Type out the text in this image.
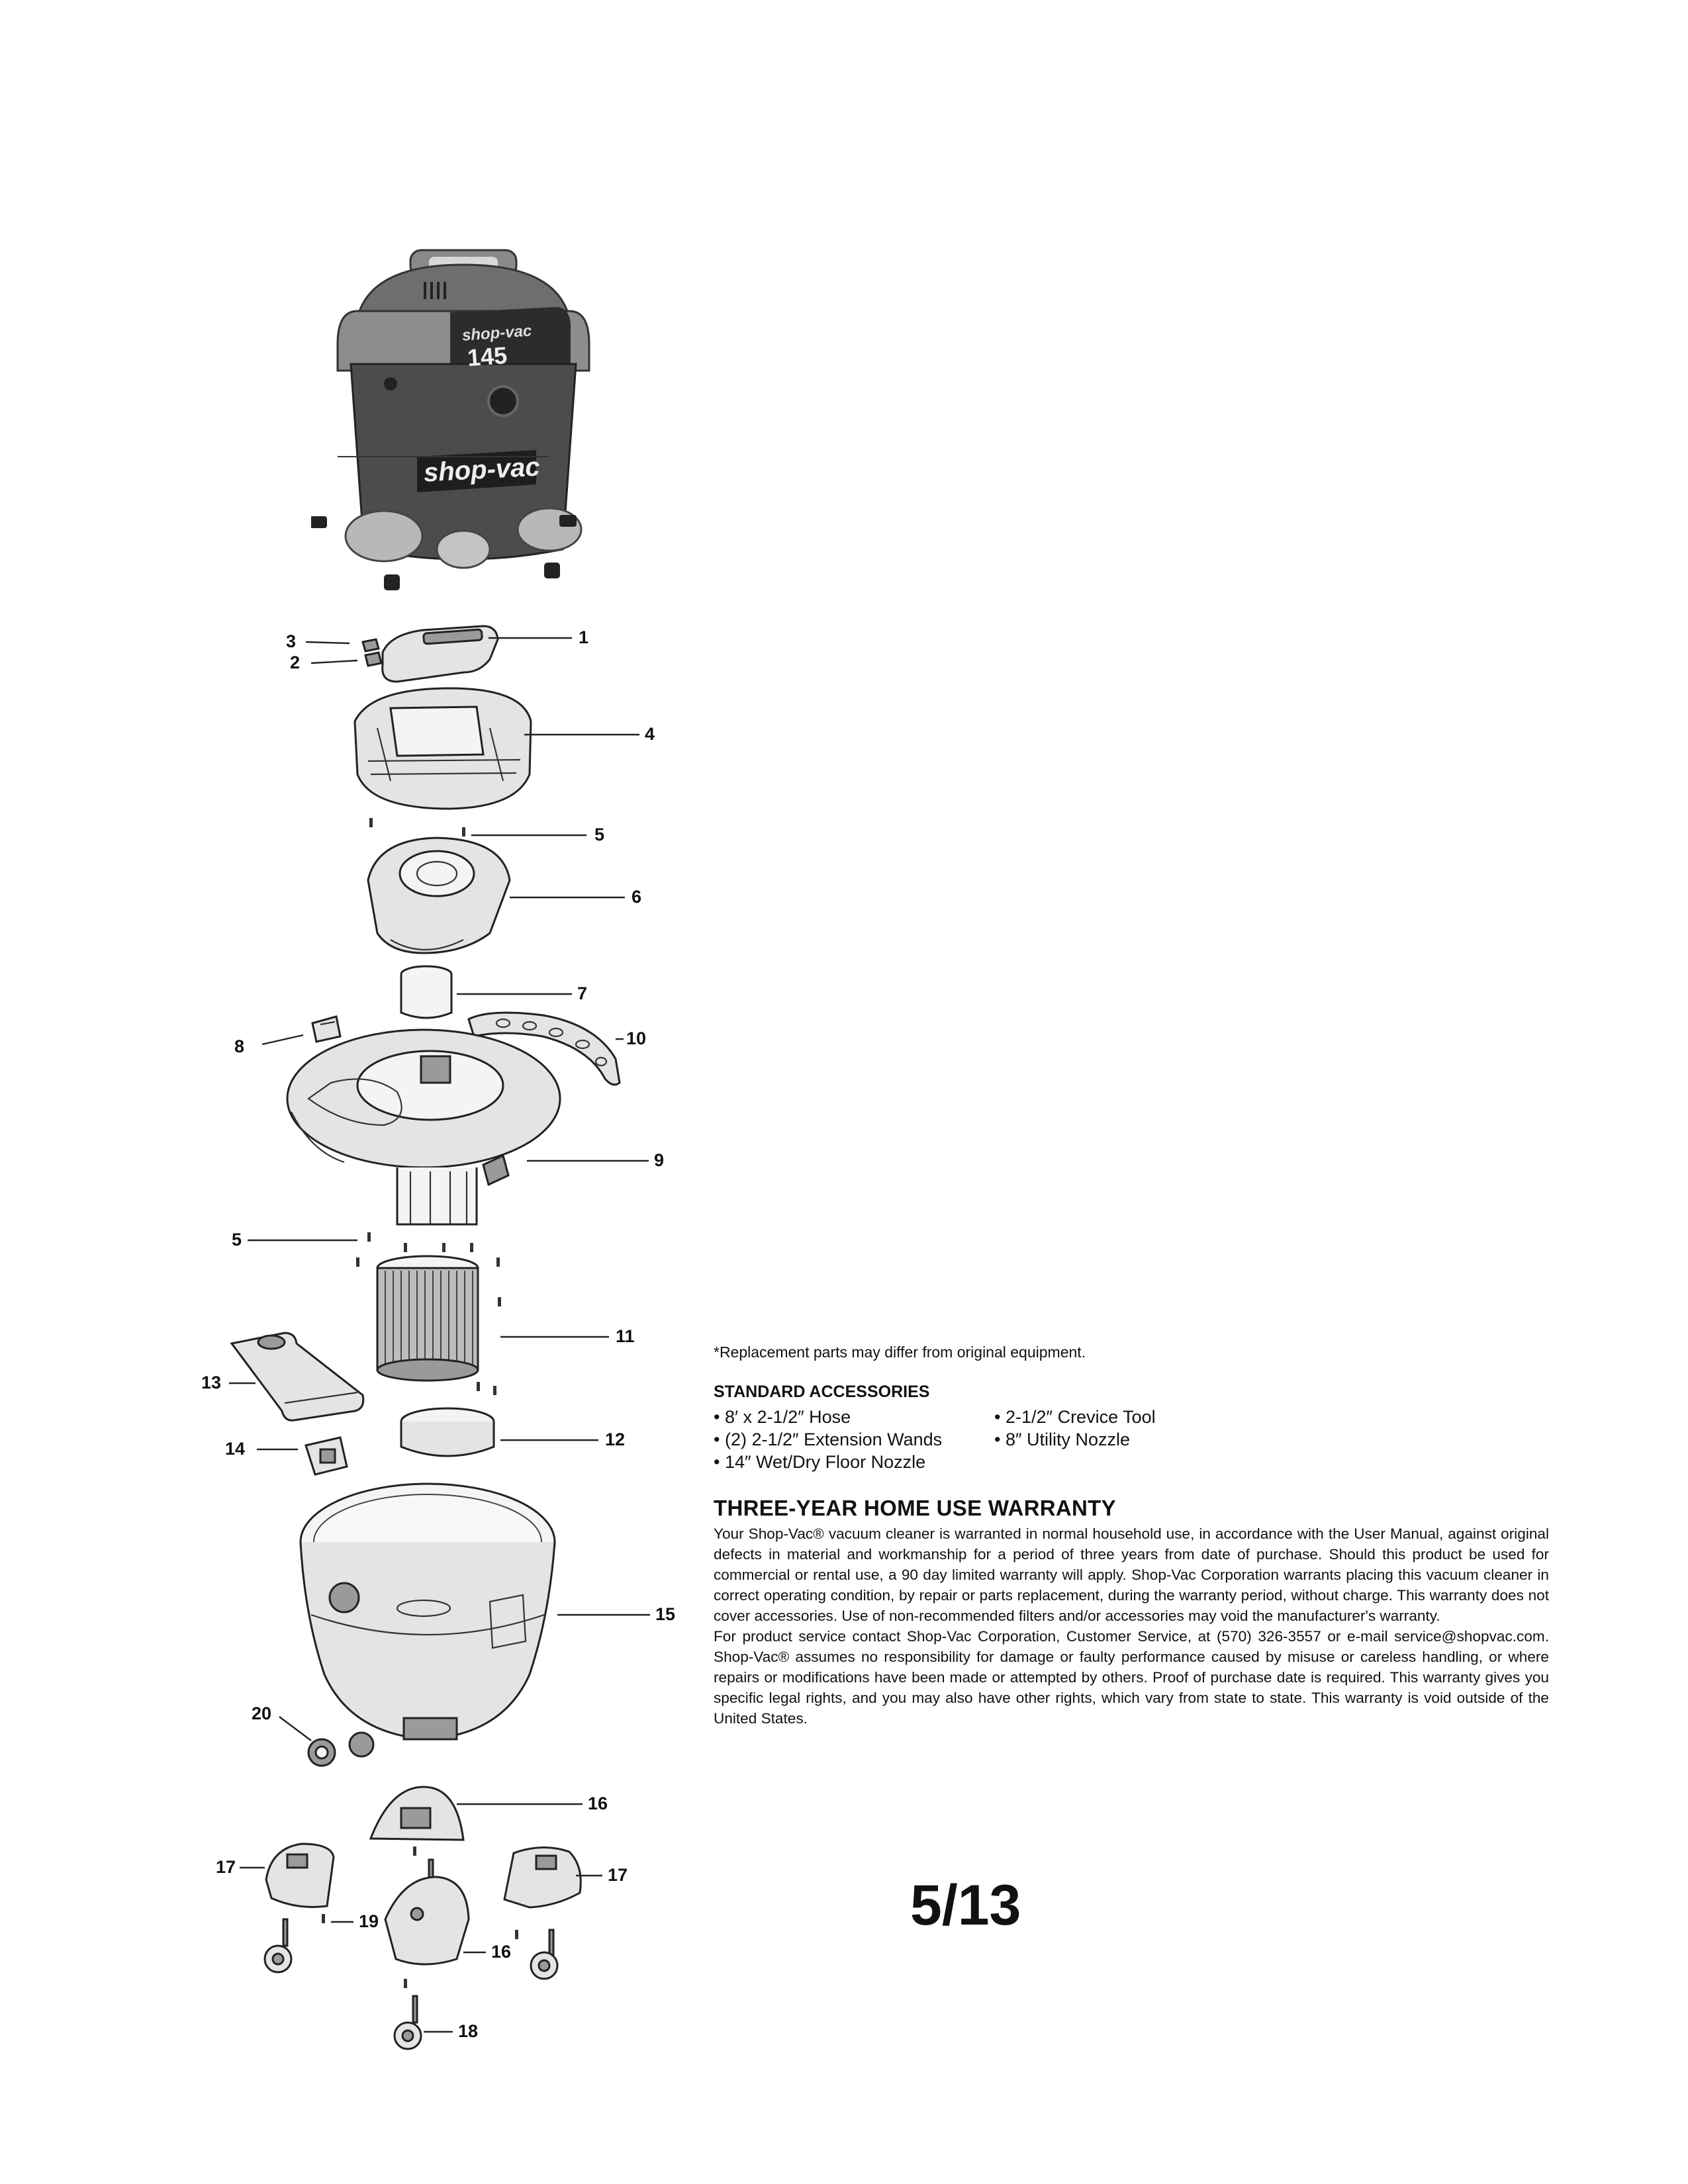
shop-vac
145
shop-vac
1
2
3
4
5
6
7
8
9
10
5
11
12
13
14
15
16
17	17
18
19
16
20

*Replacement parts may differ from original equipment.

STANDARD ACCESSORIES
• 8′ x 2-1/2″ Hose
• (2) 2-1/2″ Extension Wands
• 14″ Wet/Dry Floor Nozzle
• 2-1/2″ Crevice Tool
• 8″ Utility Nozzle
THREE-YEAR HOME USE WARRANTY

Your Shop-Vac® vacuum cleaner is warranted in normal household use, in accordance with the User Manual, against original defects in material and workmanship for a period of three years from date of purchase. Should this product be used for commercial or rental use, a 90 day limited warranty will apply. Shop-Vac Corporation warrants placing this vacuum cleaner in correct operating condition, by repair or parts replacement, during the warranty period, without charge. This warranty does not cover accessories. Use of non-recommended filters and/or accessories may void the manufacturer's warranty.

For product service contact Shop-Vac Corporation, Customer Service, at (570) 326-3557 or e-mail service@shopvac.com. Shop-Vac® assumes no responsibility for damage or faulty performance caused by misuse or careless handling, or where repairs or modifications have been made or attempted by others. Proof of purchase date is required. This warranty gives you specific legal rights, and you may also have other rights, which vary from state to state. This warranty is void outside of the United States.

5/13
